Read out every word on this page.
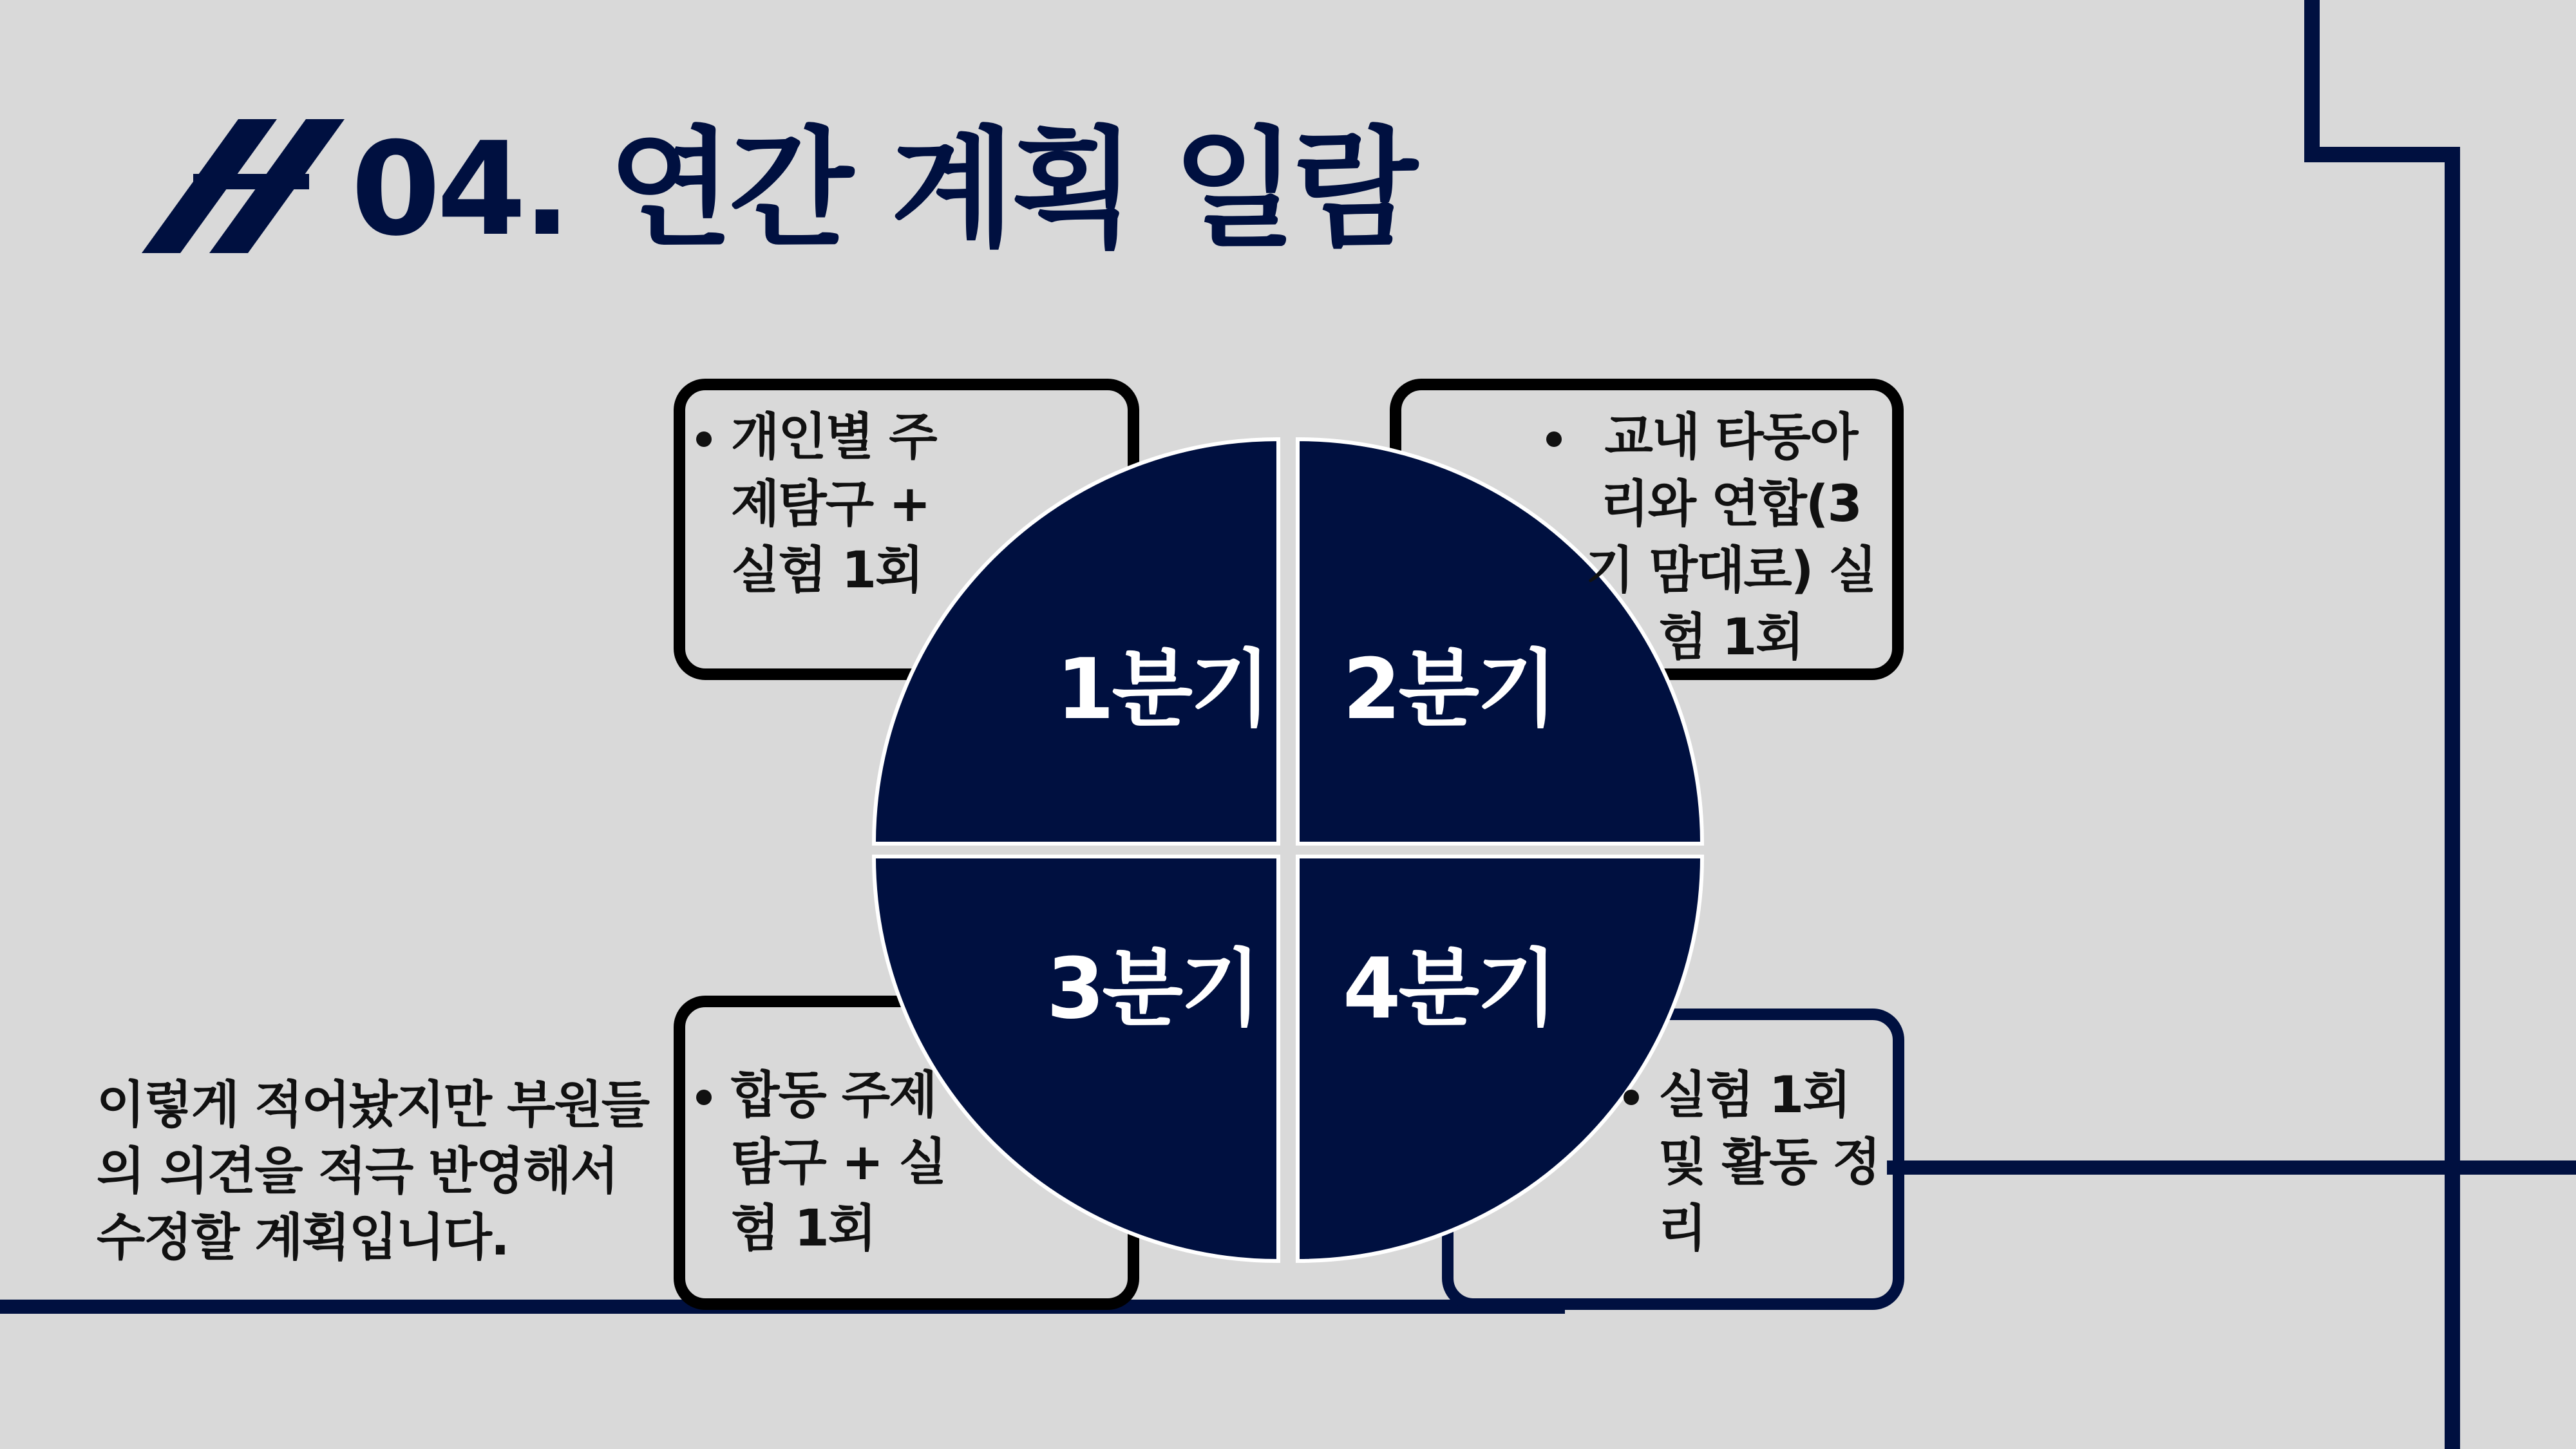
04. 연간 계획 일람
• 개인별 주제탐구 + 실험 1회
• 교내 타동아리와 연합(3기 맘대로) 실험 1회
• 합동 주제탐구 + 실험 1회
• 실험 1회 및 활동 정리
1분기 2분기
3분기 4분기
이렇게 적어놨지만 부원들의 의견을 적극 반영해서 수정할 계획입니다.
